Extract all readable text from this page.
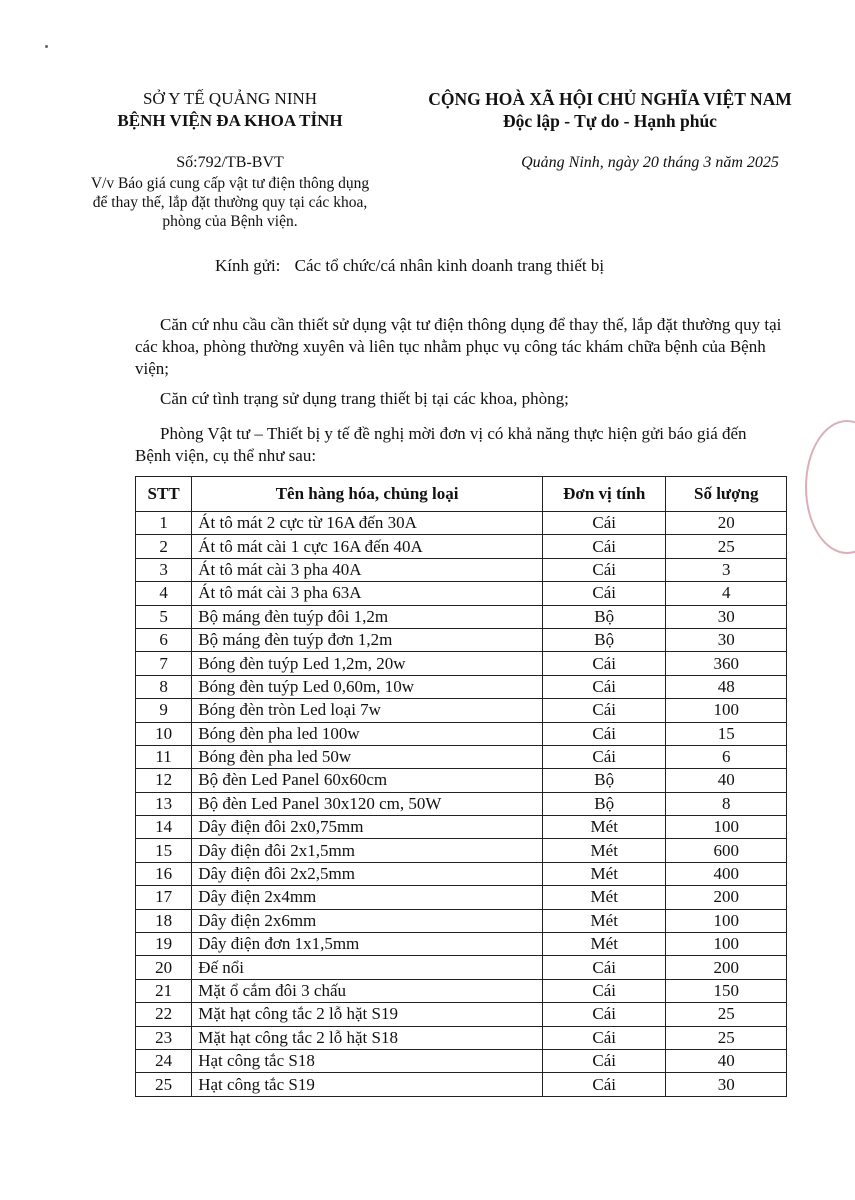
SỞ Y TẾ QUẢNG NINH
BỆNH VIỆN ĐA KHOA TỈNH
CỘNG HOÀ XÃ HỘI CHỦ NGHĨA VIỆT NAM
Độc lập - Tự do - Hạnh phúc
Số:792/TB-BVT
V/v Báo giá cung cấp vật tư điện thông dụng
để thay thế, lắp đặt thường quy tại các khoa,
phòng của Bệnh viện.
Quảng Ninh, ngày 20 tháng 3 năm 2025
Kính gửi: Các tổ chức/cá nhân kinh doanh trang thiết bị
Căn cứ nhu cầu cần thiết sử dụng vật tư điện thông dụng để thay thế, lắp đặt thường quy tại các khoa, phòng thường xuyên và liên tục nhằm phục vụ công tác khám chữa bệnh của Bệnh viện;
Căn cứ tình trạng sử dụng trang thiết bị tại các khoa, phòng;
Phòng Vật tư – Thiết bị y tế đề nghị mời đơn vị có khả năng thực hiện gửi báo giá đến Bệnh viện, cụ thể như sau:
STT	Tên hàng hóa, chủng loại	Đơn vị tính	Số lượng
1	Át tô mát 2 cực từ 16A đến 30A	Cái	20
2	Át tô mát cài 1 cực 16A đến 40A	Cái	25
3	Át tô mát cài 3 pha 40A	Cái	3
4	Át tô mát cài 3 pha 63A	Cái	4
5	Bộ máng đèn tuýp đôi 1,2m	Bộ	30
6	Bộ máng đèn tuýp đơn 1,2m	Bộ	30
7	Bóng đèn tuýp Led 1,2m, 20w	Cái	360
8	Bóng đèn tuýp Led 0,60m, 10w	Cái	48
9	Bóng đèn tròn Led loại 7w	Cái	100
10	Bóng đèn pha led 100w	Cái	15
11	Bóng đèn pha led 50w	Cái	6
12	Bộ đèn Led Panel 60x60cm	Bộ	40
13	Bộ đèn Led Panel 30x120 cm, 50W	Bộ	8
14	Dây điện đôi 2x0,75mm	Mét	100
15	Dây điện đôi 2x1,5mm	Mét	600
16	Dây điện đôi 2x2,5mm	Mét	400
17	Dây điện 2x4mm	Mét	200
18	Dây điện 2x6mm	Mét	100
19	Dây điện đơn 1x1,5mm	Mét	100
20	Đế nổi	Cái	200
21	Mặt ổ cắm đôi 3 chấu	Cái	150
22	Mặt hạt công tắc 2 lỗ hặt S19	Cái	25
23	Mặt hạt công tắc 2 lỗ hặt S18	Cái	25
24	Hạt công tắc S18	Cái	40
25	Hạt công tắc S19	Cái	30
